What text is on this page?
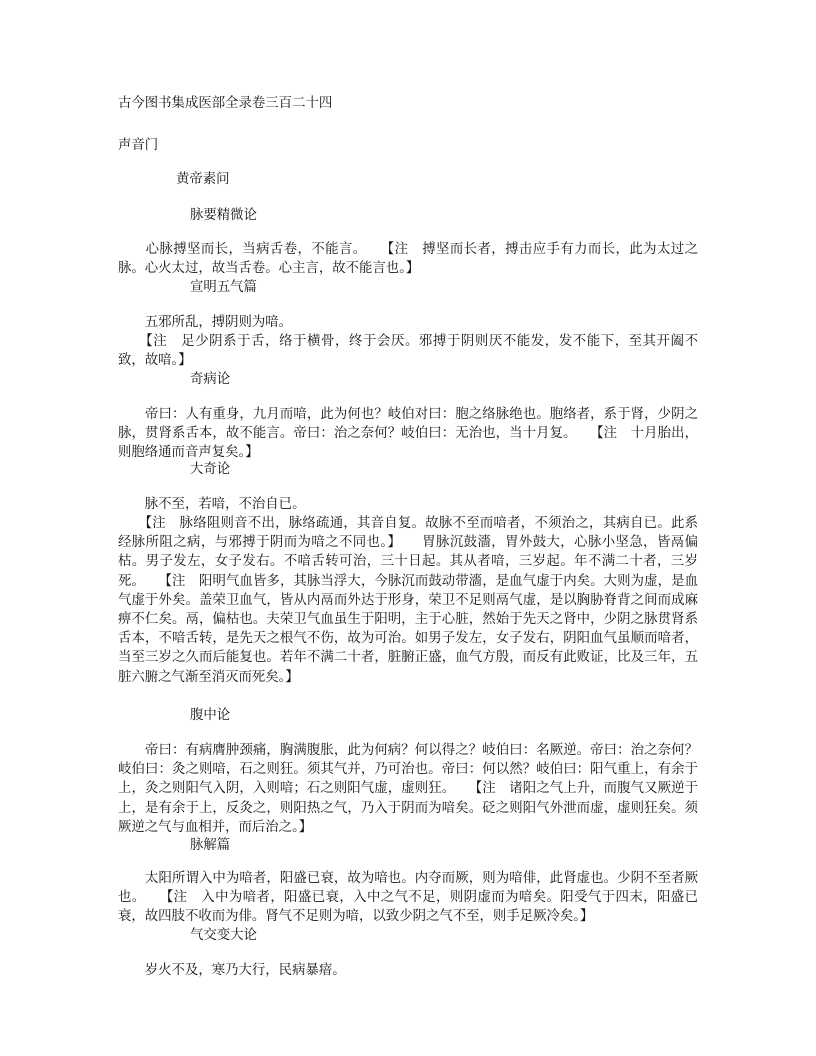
古今图书集成医部全录卷三百二十四
声音门
黄帝素问
脉要精微论

　　心脉搏坚而长，当病舌卷，不能言。　　【注　搏坚而长者，搏击应手有力而长，此为太过之脉。心火太过，故当舌卷。心主言，故不能言也。】

宣明五气篇

　　五邪所乱，搏阴则为喑。

　　【注　足少阴系于舌，络于横骨，终于会厌。邪搏于阴则厌不能发，发不能下，至其开阖不致，故喑。】

奇病论

　　帝曰：人有重身，九月而喑，此为何也？岐伯对曰：胞之络脉绝也。胞络者，系于肾，少阴之脉，贯肾系舌本，故不能言。帝曰：治之奈何？岐伯曰：无治也，当十月复。　　【注　十月胎出，则胞络通而音声复矣。】

大奇论

　　脉不至，若喑，不治自已。

　　【注　脉络阻则音不出，脉络疏通，其音自复。故脉不至而喑者，不须治之，其病自已。此系经脉所阻之病，与邪搏于阴而为喑之不同也。】　　胃脉沉鼓濇，胃外鼓大，心脉小坚急，皆鬲偏枯。男子发左，女子发右。不喑舌转可治，三十日起。其从者喑，三岁起。年不满二十者，三岁死。　　【注　阳明气血皆多，其脉当浮大，今脉沉而鼓动带濇，是血气虚于内矣。大则为虚，是血气虚于外矣。盖荣卫血气，皆从内鬲而外达于形身，荣卫不足则鬲气虚，是以胸胁脊背之间而成麻痹不仁矣。鬲，偏枯也。夫荣卫气血虽生于阳明，主于心脏，然始于先天之肾中，少阴之脉贯肾系舌本，不喑舌转，是先天之根气不伤，故为可治。如男子发左，女子发右，阴阳血气虽顺而喑者，当至三岁之久而后能复也。若年不满二十者，脏腑正盛，血气方殷，而反有此败证，比及三年，五脏六腑之气渐至消灭而死矣。】

腹中论

　　帝曰：有病膺肿颈痛，胸满腹胀，此为何病？何以得之？岐伯曰：名厥逆。帝曰：治之奈何？岐伯曰：灸之则喑，石之则狂。须其气并，乃可治也。帝曰：何以然？岐伯曰：阳气重上，有余于上，灸之则阳气入阴，入则喑；石之则阳气虚，虚则狂。　　【注　诸阳之气上升，而腹气又厥逆于上，是有余于上，反灸之，则阳热之气，乃入于阴而为喑矣。砭之则阳气外泄而虚，虚则狂矣。须厥逆之气与血相并，而后治之。】

脉解篇

　　太阳所谓入中为喑者，阳盛已衰，故为喑也。内夺而厥，则为喑俳，此肾虚也。少阴不至者厥也。　　【注　入中为喑者，阳盛已衰，入中之气不足，则阴虚而为喑矣。阳受气于四末，阳盛已衰，故四肢不收而为俳。肾气不足则为喑，以致少阴之气不至，则手足厥冷矣。】

气交变大论

　　岁火不及，寒乃大行，民病暴瘖。
